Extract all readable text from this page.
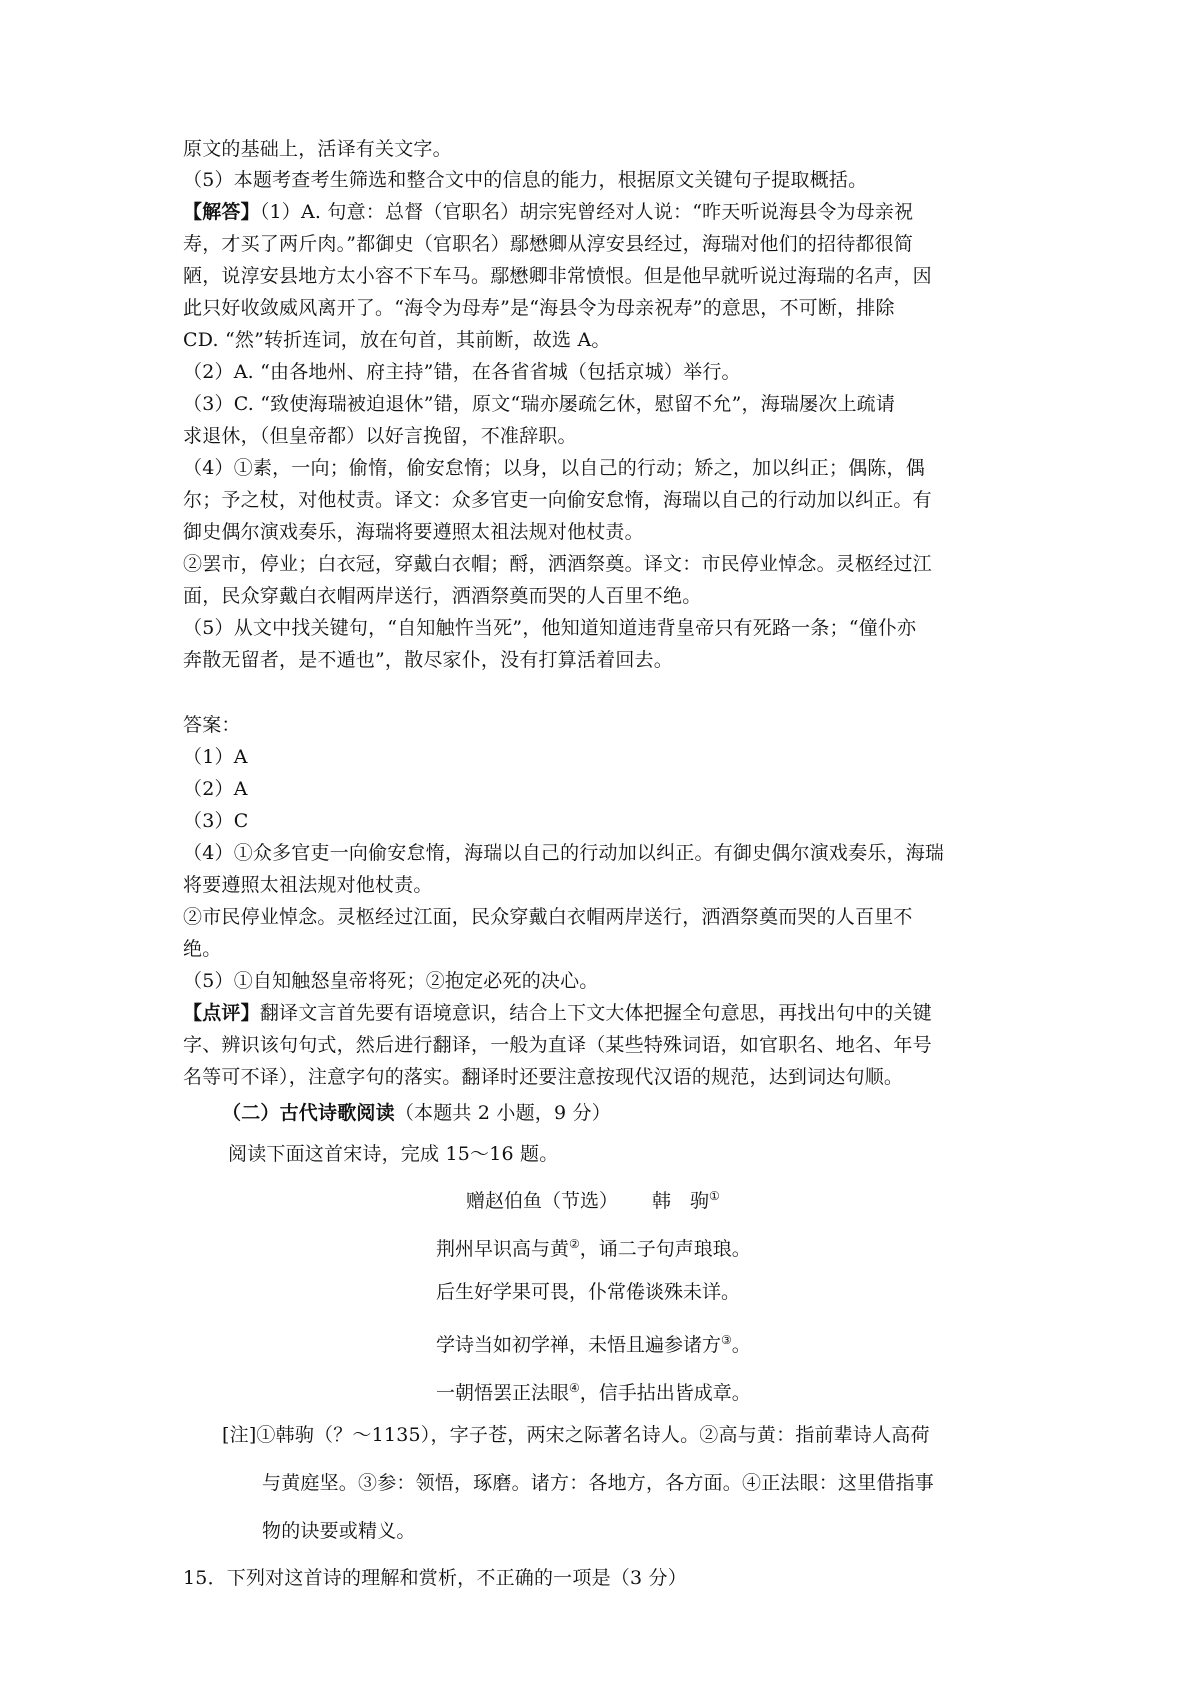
原文的基础上，活译有关文字。
（5）本题考查考生筛选和整合文中的信息的能力，根据原文关键句子提取概括。
【解答】（1）A. 句意：总督（官职名）胡宗宪曾经对人说：“昨天听说海县令为母亲祝
寿，才买了两斤肉。”都御史（官职名）鄢懋卿从淳安县经过，海瑞对他们的招待都很简
陋，说淳安县地方太小容不下车马。鄢懋卿非常愤恨。但是他早就听说过海瑞的名声，因
此只好收敛威风离开了。“海令为母寿”是“海县令为母亲祝寿”的意思，不可断，排除
CD. “然”转折连词，放在句首，其前断，故选 A。
（2）A. “由各地州、府主持”错，在各省省城（包括京城）举行。
（3）C. “致使海瑞被迫退休”错，原文“瑞亦屡疏乞休，慰留不允”，海瑞屡次上疏请
求退休，（但皇帝都）以好言挽留，不准辞职。
（4）①素，一向；偷惰，偷安怠惰；以身，以自己的行动；矫之，加以纠正；偶陈，偶
尔；予之杖，对他杖责。译文：众多官吏一向偷安怠惰，海瑞以自己的行动加以纠正。有
御史偶尔演戏奏乐，海瑞将要遵照太祖法规对他杖责。
②罢市，停业；白衣冠，穿戴白衣帽；酹，洒酒祭奠。译文：市民停业悼念。灵柩经过江
面，民众穿戴白衣帽两岸送行，洒酒祭奠而哭的人百里不绝。
（5）从文中找关键句，“自知触忤当死”，他知道知道违背皇帝只有死路一条；“僮仆亦
奔散无留者，是不遁也”，散尽家仆，没有打算活着回去。
答案：
（1）A
（2）A
（3）C
（4）①众多官吏一向偷安怠惰，海瑞以自己的行动加以纠正。有御史偶尔演戏奏乐，海瑞
将要遵照太祖法规对他杖责。
②市民停业悼念。灵柩经过江面，民众穿戴白衣帽两岸送行，洒酒祭奠而哭的人百里不
绝。
（5）①自知触怒皇帝将死；②抱定必死的决心。
【点评】翻译文言首先要有语境意识，结合上下文大体把握全句意思，再找出句中的关键
字、辨识该句句式，然后进行翻译，一般为直译（某些特殊词语，如官职名、地名、年号
名等可不译），注意字句的落实。翻译时还要注意按现代汉语的规范，达到词达句顺。
（二）古代诗歌阅读（本题共 2 小题，9 分）
阅读下面这首宋诗，完成 15～16 题。
赠赵伯鱼（节选） 韩　驹①
荆州早识高与黄②，诵二子句声琅琅。
后生好学果可畏，仆常倦谈殊未详。
学诗当如初学禅，未悟且遍参诸方③。
一朝悟罢正法眼④，信手拈出皆成章。
[注]①韩驹（？～1135），字子苍，两宋之际著名诗人。②高与黄：指前辈诗人高荷
与黄庭坚。③参：领悟，琢磨。诸方：各地方，各方面。④正法眼：这里借指事
物的诀要或精义。
15．下列对这首诗的理解和赏析，不正确的一项是（3 分）
